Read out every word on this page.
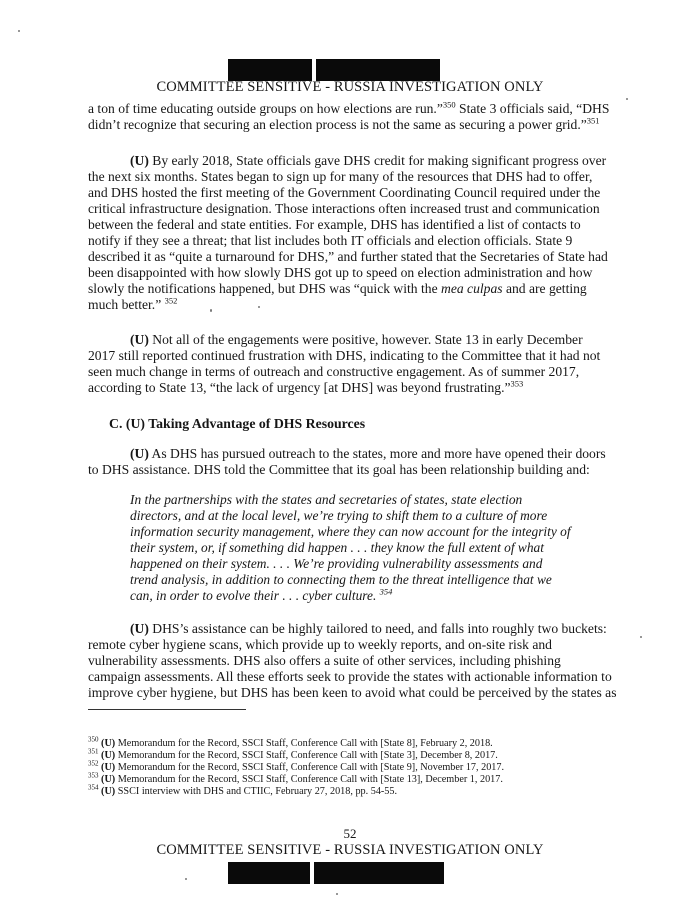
COMMITTEE SENSITIVE - RUSSIA INVESTIGATION ONLY
a ton of time educating outside groups on how elections are run.”$^{350}$ State 3 officials said, “DHS
didn’t recognize that securing an election process is not the same as securing a power grid.”$^{351}$
(U) By early 2018, State officials gave DHS credit for making significant progress over
the next six months. States began to sign up for many of the resources that DHS had to offer,
and DHS hosted the first meeting of the Government Coordinating Council required under the
critical infrastructure designation. Those interactions often increased trust and communication
between the federal and state entities. For example, DHS has identified a list of contacts to
notify if they see a threat; that list includes both IT officials and election officials. State 9
described it as “quite a turnaround for DHS,” and further stated that the Secretaries of State had
been disappointed with how slowly DHS got up to speed on election administration and how
slowly the notifications happened, but DHS was “quick with the mea culpas and are getting
much better.” $^{352}$
(U) Not all of the engagements were positive, however. State 13 in early December
2017 still reported continued frustration with DHS, indicating to the Committee that it had not
seen much change in terms of outreach and constructive engagement. As of summer 2017,
according to State 13, “the lack of urgency [at DHS] was beyond frustrating.”$^{353}$
C. (U) Taking Advantage of DHS Resources
(U) As DHS has pursued outreach to the states, more and more have opened their doors
to DHS assistance. DHS told the Committee that its goal has been relationship building and:
In the partnerships with the states and secretaries of states, state election
directors, and at the local level, we’re trying to shift them to a culture of more
information security management, where they can now account for the integrity of
their system, or, if something did happen . . . they know the full extent of what
happened on their system. . . . We’re providing vulnerability assessments and
trend analysis, in addition to connecting them to the threat intelligence that we
can, in order to evolve their . . . cyber culture. $^{354}$
(U) DHS’s assistance can be highly tailored to need, and falls into roughly two buckets:
remote cyber hygiene scans, which provide up to weekly reports, and on-site risk and
vulnerability assessments. DHS also offers a suite of other services, including phishing
campaign assessments. All these efforts seek to provide the states with actionable information to
improve cyber hygiene, but DHS has been keen to avoid what could be perceived by the states as
$^{350}$ (U) Memorandum for the Record, SSCI Staff, Conference Call with [State 8], February 2, 2018.
$^{351}$ (U) Memorandum for the Record, SSCI Staff, Conference Call with [State 3], December 8, 2017.
$^{352}$ (U) Memorandum for the Record, SSCI Staff, Conference Call with [State 9], November 17, 2017.
$^{353}$ (U) Memorandum for the Record, SSCI Staff, Conference Call with [State 13], December 1, 2017.
$^{354}$ (U) SSCI interview with DHS and CTIIC, February 27, 2018, pp. 54-55.
52
COMMITTEE SENSITIVE - RUSSIA INVESTIGATION ONLY
